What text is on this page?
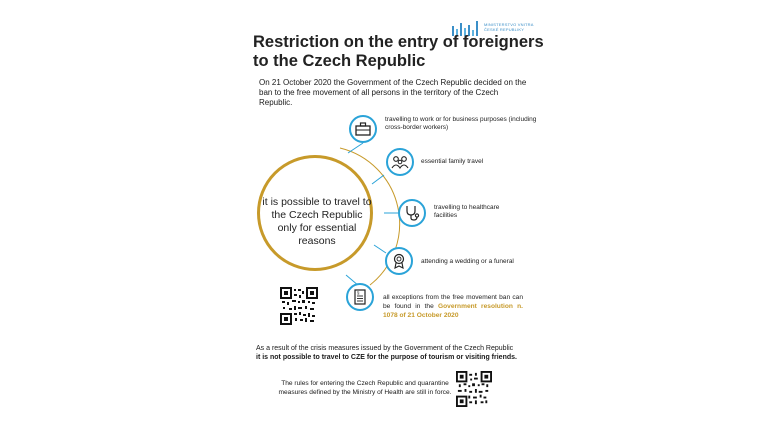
MINISTERSTVO VNITRA
ČESKÉ REPUBLIKY
Restriction on the entry of foreigners to the Czech Republic
On 21 October 2020 the Government of the Czech Republic decided on the ban to the free movement of all persons in the territory of the Czech Republic.
it is possible to travel to the Czech Republic only for essential reasons
travelling to work or for business purposes (including cross-border workers)
essential family travel
travelling to healthcare facilities
attending a wedding or a funeral
§
all exceptions from the free movement ban can be found in the Government resolution n. 1078 of 21 October 2020
As a result of the crisis measures issued by the Government of the Czech Republic
it is not possible to travel to CZE for the purpose of tourism or visiting friends.
The rules for entering the Czech Republic and quarantine measures defined by the Ministry of Health are still in force.
